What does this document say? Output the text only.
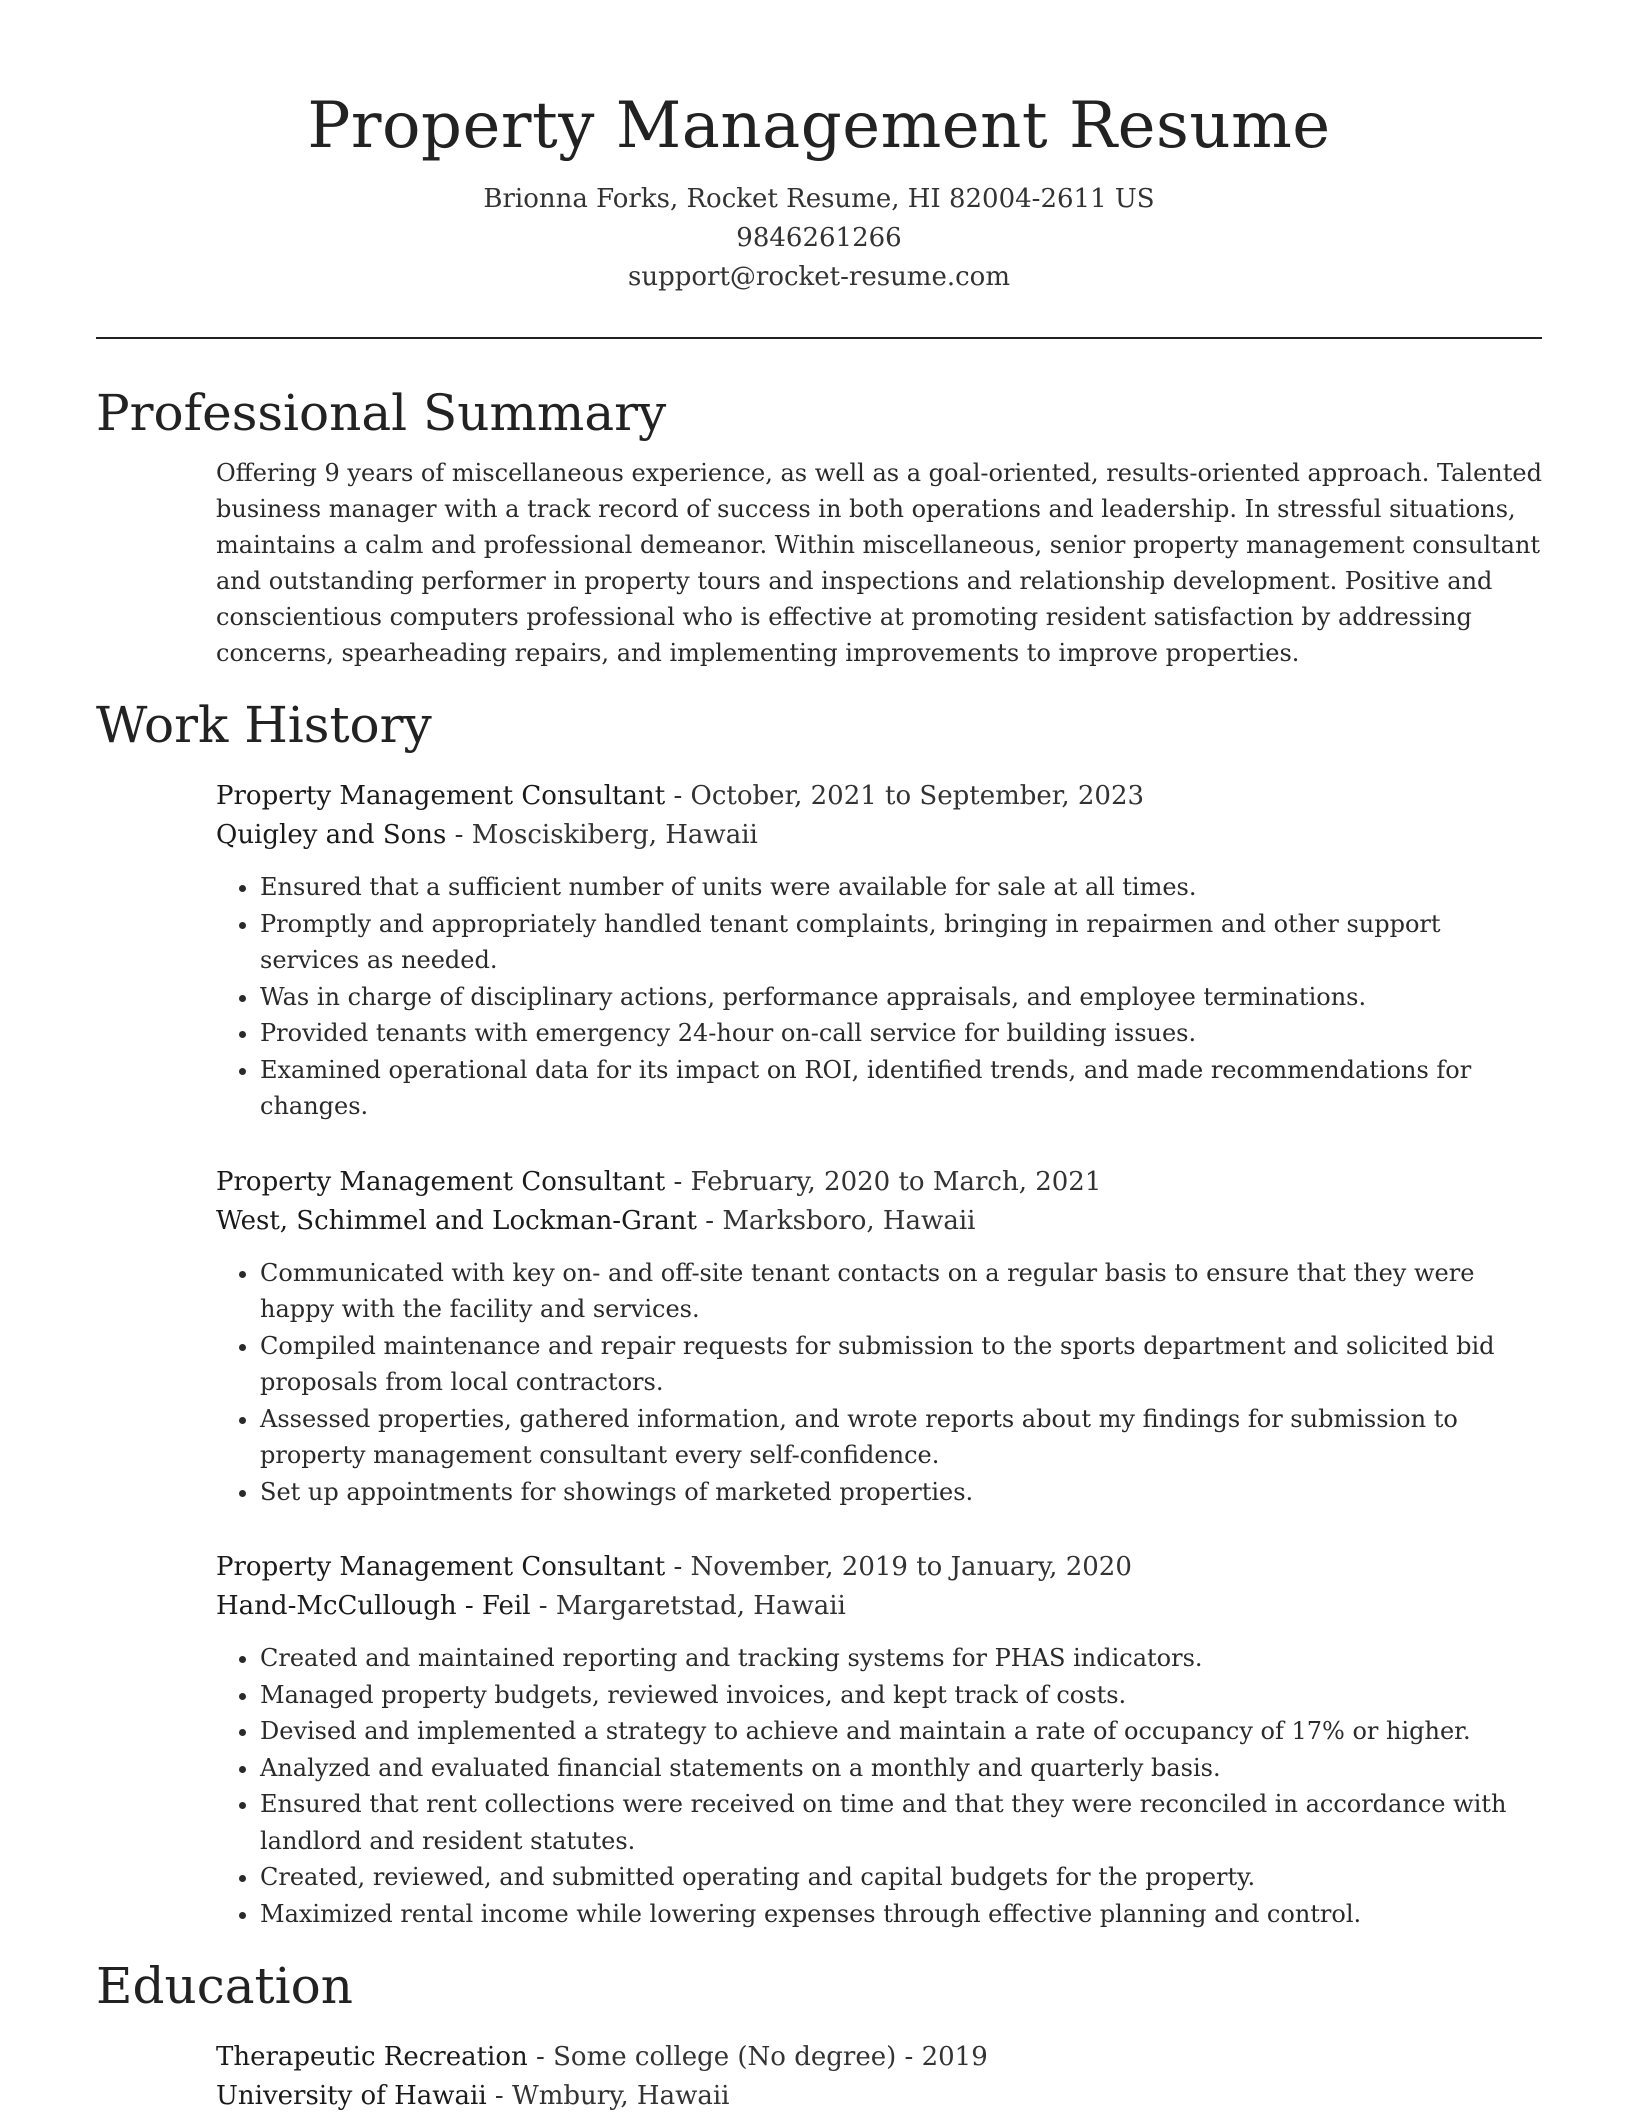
Property Management Resume

Brionna Forks, Rocket Resume, HI 82004-2611 US

9846261266

support@rocket-resume.com

Professional Summary

Offering 9 years of miscellaneous experience, as well as a goal-oriented, results-oriented approach. Talented business manager with a track record of success in both operations and leadership. In stressful situations, maintains a calm and professional demeanor. Within miscellaneous, senior property management consultant and outstanding performer in property tours and inspections and relationship development. Positive and conscientious computers professional who is effective at promoting resident satisfaction by addressing concerns, spearheading repairs, and implementing improvements to improve properties.

Work History

Property Management Consultant - October, 2021 to September, 2023

Quigley and Sons - Mosciskiberg, Hawaii

• Ensured that a sufficient number of units were available for sale at all times.
• Promptly and appropriately handled tenant complaints, bringing in repairmen and other support services as needed.
• Was in charge of disciplinary actions, performance appraisals, and employee terminations.
• Provided tenants with emergency 24-hour on-call service for building issues.
• Examined operational data for its impact on ROI, identified trends, and made recommendations for changes.

Property Management Consultant - February, 2020 to March, 2021

West, Schimmel and Lockman-Grant - Marksboro, Hawaii

• Communicated with key on- and off-site tenant contacts on a regular basis to ensure that they were happy with the facility and services.
• Compiled maintenance and repair requests for submission to the sports department and solicited bid proposals from local contractors.
• Assessed properties, gathered information, and wrote reports about my findings for submission to property management consultant every self-confidence.
• Set up appointments for showings of marketed properties.

Property Management Consultant - November, 2019 to January, 2020

Hand-McCullough - Feil - Margaretstad, Hawaii

• Created and maintained reporting and tracking systems for PHAS indicators.
• Managed property budgets, reviewed invoices, and kept track of costs.
• Devised and implemented a strategy to achieve and maintain a rate of occupancy of 17% or higher.
• Analyzed and evaluated financial statements on a monthly and quarterly basis.
• Ensured that rent collections were received on time and that they were reconciled in accordance with landlord and resident statutes.
• Created, reviewed, and submitted operating and capital budgets for the property.
• Maximized rental income while lowering expenses through effective planning and control.
Education

Therapeutic Recreation - Some college (No degree) - 2019

University of Hawaii - Wmbury, Hawaii
